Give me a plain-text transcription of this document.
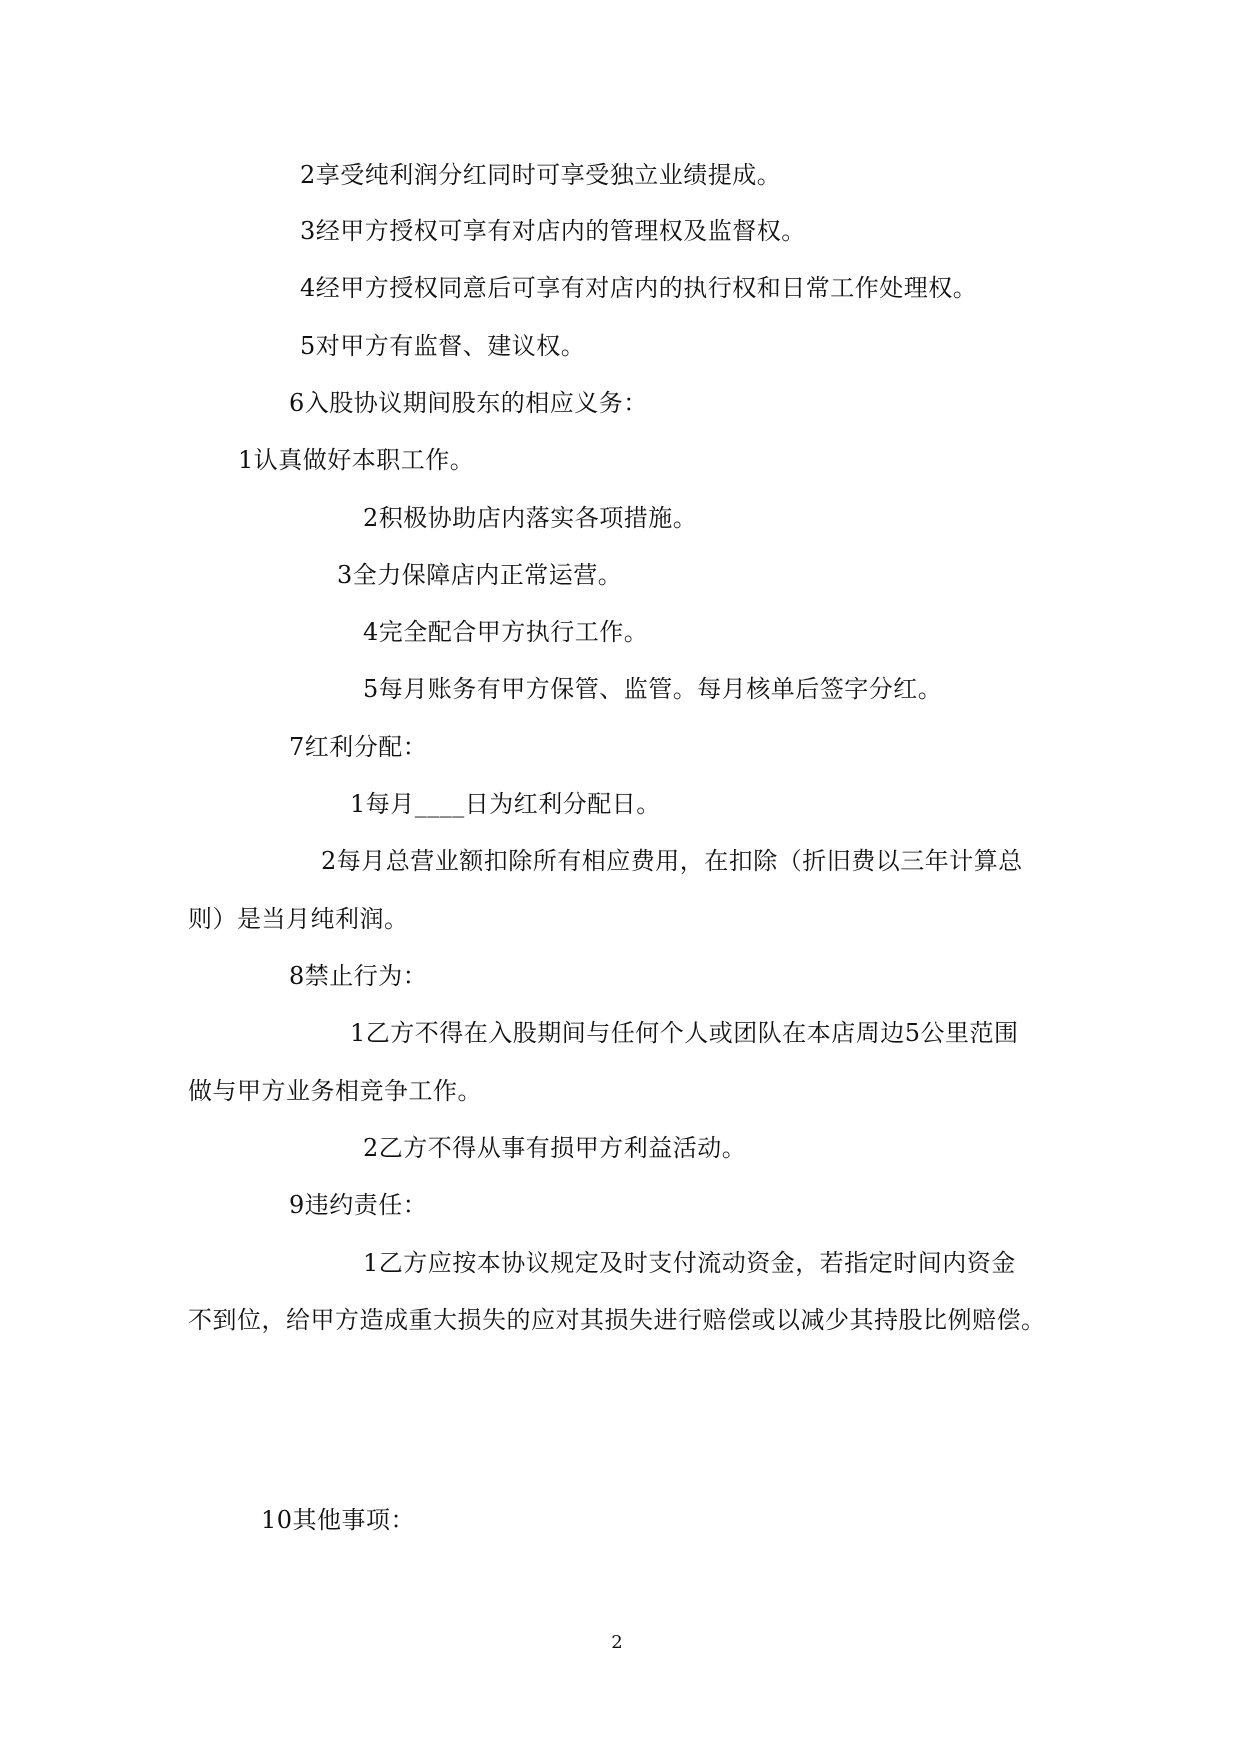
2享受纯利润分红同时可享受独立业绩提成。
3经甲方授权可享有对店内的管理权及监督权。
4经甲方授权同意后可享有对店内的执行权和日常工作处理权。
5对甲方有监督、建议权。
6入股协议期间股东的相应义务：
1认真做好本职工作。
2积极协助店内落实各项措施。
3全力保障店内正常运营。
4完全配合甲方执行工作。
5每月账务有甲方保管、监管。每月核单后签字分红。
7红利分配：
1每月____日为红利分配日。
2每月总营业额扣除所有相应费用，在扣除（折旧费以三年计算总
则）是当月纯利润。
8禁止行为：
1乙方不得在入股期间与任何个人或团队在本店周边5公里范围
做与甲方业务相竞争工作。
2乙方不得从事有损甲方利益活动。
9违约责任：
1乙方应按本协议规定及时支付流动资金，若指定时间内资金
不到位，给甲方造成重大损失的应对其损失进行赔偿或以减少其持股比例赔偿。
10其他事项：
2
